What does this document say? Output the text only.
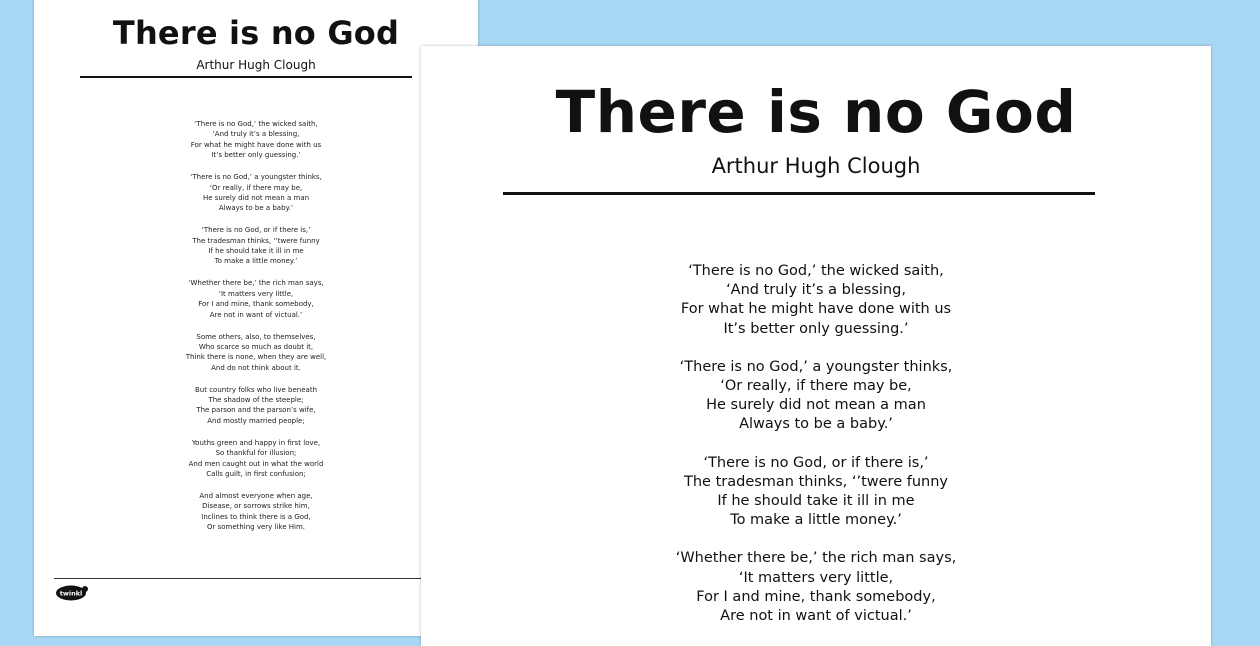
There is no God

Arthur Hugh Clough

‘There is no God,’ the wicked saith,
‘And truly it’s a blessing,
For what he might have done with us
It’s better only guessing.’
‘There is no God,’ a youngster thinks,
‘Or really, if there may be,
He surely did not mean a man
Always to be a baby.’
‘There is no God, or if there is,’
The tradesman thinks, ‘’twere funny
If he should take it ill in me
To make a little money.’
‘Whether there be,’ the rich man says,
‘It matters very little,
For I and mine, thank somebody,
Are not in want of victual.’
Some others, also, to themselves,
Who scarce so much as doubt it,
Think there is none, when they are well,
And do not think about it.
But country folks who live beneath
The shadow of the steeple;
The parson and the parson’s wife,
And mostly married people;
Youths green and happy in first love,
So thankful for illusion;
And men caught out in what the world
Calls guilt, in first confusion;
And almost everyone when age,
Disease, or sorrows strike him,
Inclines to think there is a God,
Or something very like Him.
twinkl
There is no God

Arthur Hugh Clough

‘There is no God,’ the wicked saith,
‘And truly it’s a blessing,
For what he might have done with us
It’s better only guessing.’
‘There is no God,’ a youngster thinks,
‘Or really, if there may be,
He surely did not mean a man
Always to be a baby.’
‘There is no God, or if there is,’
The tradesman thinks, ‘’twere funny
If he should take it ill in me
To make a little money.’
‘Whether there be,’ the rich man says,
‘It matters very little,
For I and mine, thank somebody,
Are not in want of victual.’
